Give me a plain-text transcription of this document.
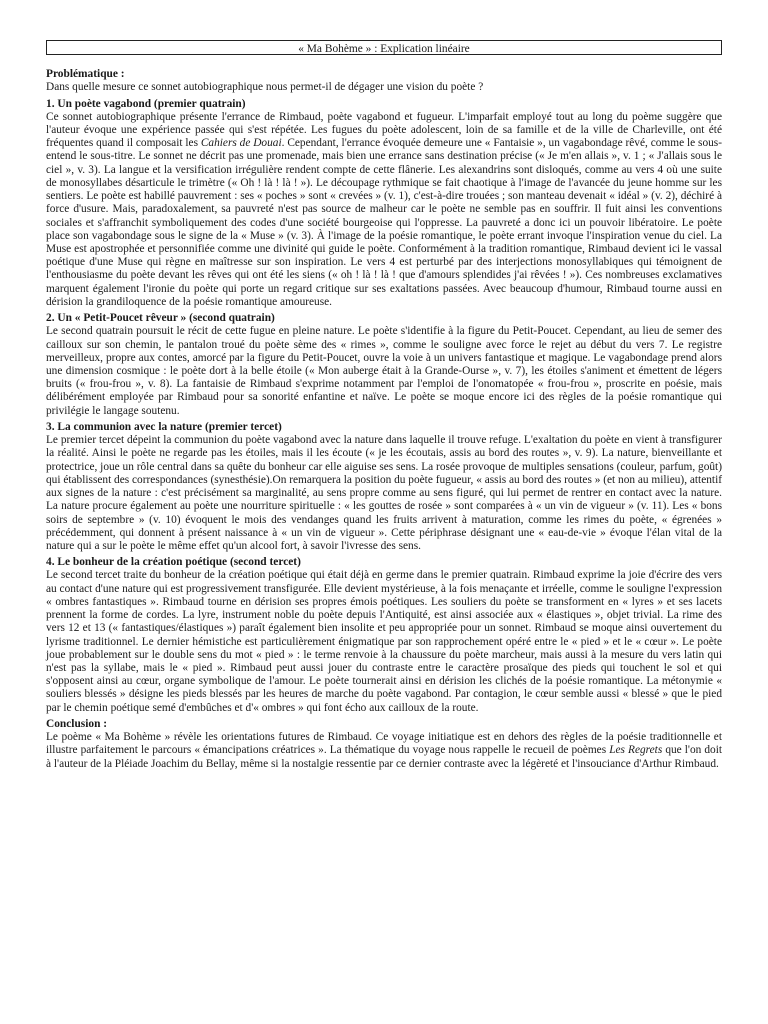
« Ma Bohème » : Explication linéaire
Problématique :

Dans quelle mesure ce sonnet autobiographique nous permet-il de dégager une vision du poète ?

1. Un poète vagabond (premier quatrain)

Ce sonnet autobiographique présente l'errance de Rimbaud, poète vagabond et fugueur. L'imparfait employé tout au long du poème suggère que l'auteur évoque une expérience passée qui s'est répétée. Les fugues du poète adolescent, loin de sa famille et de la ville de Charleville, ont été fréquentes quand il composait les Cahiers de Douai. Cependant, l'errance évoquée demeure une « Fantaisie », un vagabondage rêvé, comme le sous-entend le sous-titre. Le sonnet ne décrit pas une promenade, mais bien une errance sans destination précise (« Je m'en allais », v. 1 ; « J'allais sous le ciel », v. 3). La langue et la versification irrégulière rendent compte de cette flânerie. Les alexandrins sont disloqués, comme au vers 4 où une suite de monosyllabes désarticule le trimètre (« Oh ! là ! là ! »). Le découpage rythmique se fait chaotique à l'image de l'avancée du jeune homme sur les sentiers. Le poète est habillé pauvrement : ses « poches » sont « crevées » (v. 1), c'est-à-dire trouées ; son manteau devenait « idéal » (v. 2), déchiré à force d'usure. Mais, paradoxalement, sa pauvreté n'est pas source de malheur car le poète ne semble pas en souffrir. Il fuit ainsi les conventions sociales et s'affranchit symboliquement des codes d'une société bourgeoise qui l'oppresse. La pauvreté a donc ici un pouvoir libératoire. Le poète place son vagabondage sous le signe de la « Muse » (v. 3). À l'image de la poésie romantique, le poète errant invoque l'inspiration venue du ciel. La Muse est apostrophée et personnifiée comme une divinité qui guide le poète. Conformément à la tradition romantique, Rimbaud devient ici le vassal poétique d'une Muse qui règne en maîtresse sur son inspiration. Le vers 4 est perturbé par des interjections monosyllabiques qui témoignent de l'enthousiasme du poète devant les rêves qui ont été les siens (« oh ! là ! là ! que d'amours splendides j'ai rêvées ! »). Ces nombreuses exclamatives marquent également l'ironie du poète qui porte un regard critique sur ses exaltations passées. Avec beaucoup d'humour, Rimbaud tourne aussi en dérision la grandiloquence de la poésie romantique amoureuse.

2. Un « Petit-Poucet rêveur » (second quatrain)

Le second quatrain poursuit le récit de cette fugue en pleine nature. Le poète s'identifie à la figure du Petit-Poucet. Cependant, au lieu de semer des cailloux sur son chemin, le pantalon troué du poète sème des « rimes », comme le souligne avec force le rejet au début du vers 7. Le registre merveilleux, propre aux contes, amorcé par la figure du Petit-Poucet, ouvre la voie à un univers fantastique et magique. Le vagabondage prend alors une dimension cosmique : le poète dort à la belle étoile (« Mon auberge était à la Grande-Ourse », v. 7), les étoiles s'animent et émettent de légers bruits (« frou-frou », v. 8). La fantaisie de Rimbaud s'exprime notamment par l'emploi de l'onomatopée « frou-frou », proscrite en poésie, mais délibérément employée par Rimbaud pour sa sonorité enfantine et naïve. Le poète se moque encore ici des règles de la poésie romantique qui privilégie le langage soutenu.

3. La communion avec la nature (premier tercet)

Le premier tercet dépeint la communion du poète vagabond avec la nature dans laquelle il trouve refuge. L'exaltation du poète en vient à transfigurer la réalité. Ainsi le poète ne regarde pas les étoiles, mais il les écoute (« je les écoutais, assis au bord des routes », v. 9). La nature, bienveillante et protectrice, joue un rôle central dans sa quête du bonheur car elle aiguise ses sens. La rosée provoque de multiples sensations (couleur, parfum, goût) qui établissent des correspondances (synesthésie).On remarquera la position du poète fugueur, « assis au bord des routes » (et non au milieu), attentif aux signes de la nature : c'est précisément sa marginalité, au sens propre comme au sens figuré, qui lui permet de rentrer en contact avec la nature. La nature procure également au poète une nourriture spirituelle : « les gouttes de rosée » sont comparées à « un vin de vigueur » (v. 11). Les « bons soirs de septembre » (v. 10) évoquent le mois des vendanges quand les fruits arrivent à maturation, comme les rimes du poète, « égrenées » précédemment, qui donnent à présent naissance à « un vin de vigueur ». Cette périphrase désignant une « eau-de-vie » évoque l'élan vital de la nature qui a sur le poète le même effet qu'un alcool fort, à savoir l'ivresse des sens.

4. Le bonheur de la création poétique (second tercet)

Le second tercet traite du bonheur de la création poétique qui était déjà en germe dans le premier quatrain. Rimbaud exprime la joie d'écrire des vers au contact d'une nature qui est progressivement transfigurée. Elle devient mystérieuse, à la fois menaçante et irréelle, comme le souligne l'expression « ombres fantastiques ». Rimbaud tourne en dérision ses propres émois poétiques. Les souliers du poète se transforment en « lyres » et ses lacets prennent la forme de cordes. La lyre, instrument noble du poète depuis l'Antiquité, est ainsi associée aux « élastiques », objet trivial. La rime des vers 12 et 13 (« fantastiques/élastiques ») paraît également bien insolite et peu appropriée pour un sonnet. Rimbaud se moque ainsi ouvertement du lyrisme traditionnel. Le dernier hémistiche est particulièrement énigmatique par son rapprochement opéré entre le « pied » et le « cœur ». Le poète joue probablement sur le double sens du mot « pied » : le terme renvoie à la chaussure du poète marcheur, mais aussi à la mesure du vers latin qui n'est pas la syllabe, mais le « pied ». Rimbaud peut aussi jouer du contraste entre le caractère prosaïque des pieds qui touchent le sol et qui s'opposent ainsi au cœur, organe symbolique de l'amour. Le poète tournerait ainsi en dérision les clichés de la poésie romantique. La métonymie « souliers blessés » désigne les pieds blessés par les heures de marche du poète vagabond. Par contagion, le cœur semble aussi « blessé » que le pied par le chemin poétique semé d'embûches et d'« ombres » qui font écho aux cailloux de la route.

Conclusion :

Le poème « Ma Bohème » révèle les orientations futures de Rimbaud. Ce voyage initiatique est en dehors des règles de la poésie traditionnelle et illustre parfaitement le parcours « émancipations créatrices ». La thématique du voyage nous rappelle le recueil de poèmes Les Regrets que l'on doit à l'auteur de la Pléiade Joachim du Bellay, même si la nostalgie ressentie par ce dernier contraste avec la légèreté et l'insouciance d'Arthur Rimbaud.
